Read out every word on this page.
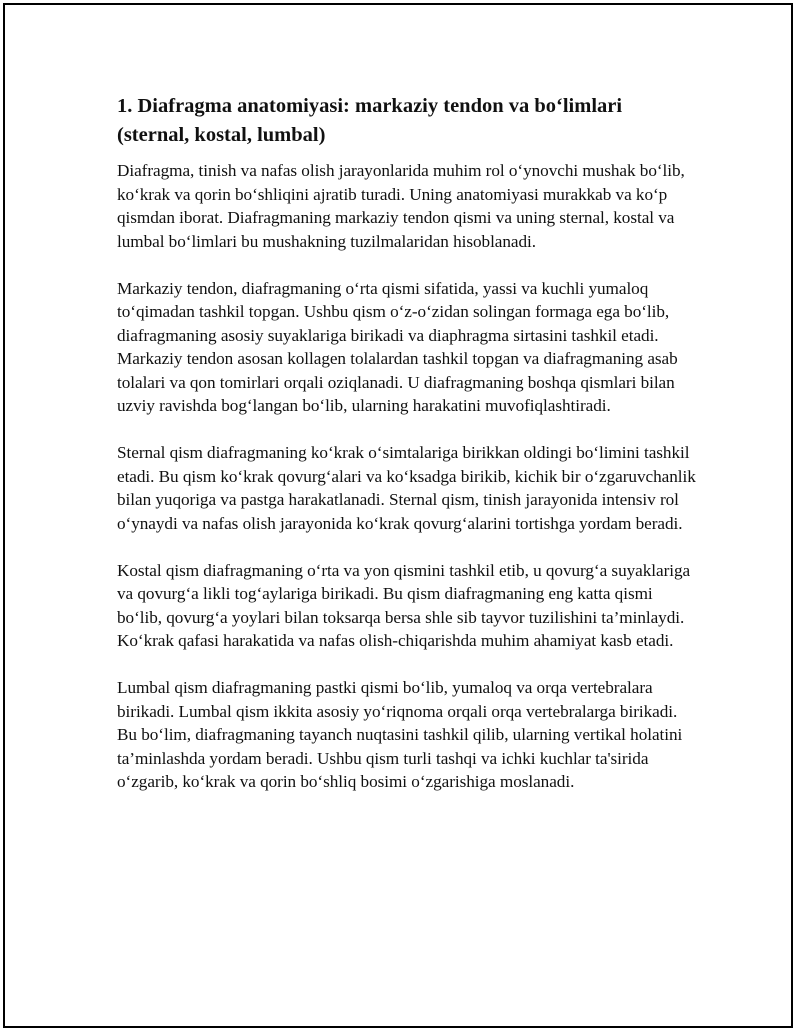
1. Diafragma anatomiyasi: markaziy tendon va bo‘limlari (sternal, kostal, lumbal)

Diafragma, tinish va nafas olish jarayonlarida muhim rol o‘ynovchi mushak bo‘lib, ko‘krak va qorin bo‘shliqini ajratib turadi. Uning anatomiyasi murakkab va ko‘p qismdan iborat. Diafragmaning markaziy tendon qismi va uning sternal, kostal va lumbal bo‘limlari bu mushakning tuzilmalaridan hisoblanadi.

Markaziy tendon, diafragmaning o‘rta qismi sifatida, yassi va kuchli yumaloq to‘qimadan tashkil topgan. Ushbu qism o‘z-o‘zidan solingan formaga ega bo‘lib, diafragmaning asosiy suyaklariga birikadi va diaphragma sirtasini tashkil etadi. Markaziy tendon asosan kollagen tolalardan tashkil topgan va diafragmaning asab tolalari va qon tomirlari orqali oziqlanadi. U diafragmaning boshqa qismlari bilan uzviy ravishda bog‘langan bo‘lib, ularning harakatini muvofiqlashtiradi.

Sternal qism diafragmaning ko‘krak o‘simtalariga birikkan oldingi bo‘limini tashkil etadi. Bu qism ko‘krak qovurg‘alari va ko‘ksadga birikib, kichik bir o‘zgaruvchanlik bilan yuqoriga va pastga harakatlanadi. Sternal qism, tinish jarayonida intensiv rol o‘ynaydi va nafas olish jarayonida ko‘krak qovurg‘alarini tortishga yordam beradi.

Kostal qism diafragmaning o‘rta va yon qismini tashkil etib, u qovurg‘a suyaklariga va qovurg‘a likli tog‘aylariga birikadi. Bu qism diafragmaning eng katta qismi bo‘lib, qovurg‘a yoylari bilan toksarqa bersa shle sib tayvor tuzilishini ta’minlaydi. Ko‘krak qafasi harakatida va nafas olish-chiqarishda muhim ahamiyat kasb etadi.

Lumbal qism diafragmaning pastki qismi bo‘lib, yumaloq va orqa vertebralara birikadi. Lumbal qism ikkita asosiy yo‘riqnoma orqali orqa vertebralarga birikadi. Bu bo‘lim, diafragmaning tayanch nuqtasini tashkil qilib, ularning vertikal holatini ta’minlashda yordam beradi. Ushbu qism turli tashqi va ichki kuchlar ta'sirida o‘zgarib, ko‘krak va qorin bo‘shliq bosimi o‘zgarishiga moslanadi.
